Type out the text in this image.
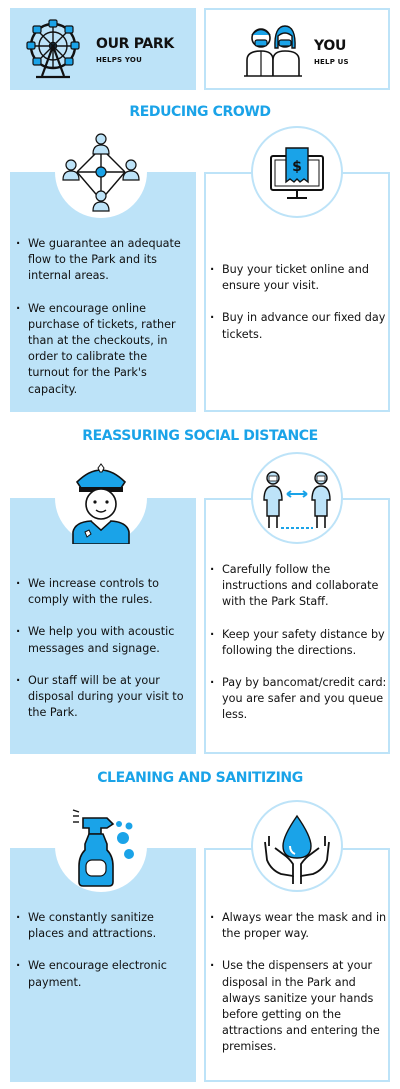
OUR PARK
HELPS YOU
YOU
HELP US
REDUCING CROWD
$
· We guarantee an adequate flow to the Park and its internal areas.
· We encourage online purchase of tickets, rather than at the checkouts, in order to calibrate the turnout for the Park's capacity.
· Buy your ticket online and ensure your visit.
· Buy in advance our fixed day tickets.
REASSURING SOCIAL DISTANCE
· We increase controls to comply with the rules.
· We help you with acoustic messages and signage.
· Our staff will be at your disposal during your visit to the Park.
· Carefully follow the instructions and collaborate with the Park Staff.
· Keep your safety distance by following the directions.
· Pay by bancomat/credit card: you are safer and you queue less.
CLEANING AND SANITIZING
· We constantly sanitize places and attractions.
· We encourage electronic payment.
· Always wear the mask and in the proper way.
· Use the dispensers at your disposal in the Park and always sanitize your hands before getting on the attractions and entering the premises.
